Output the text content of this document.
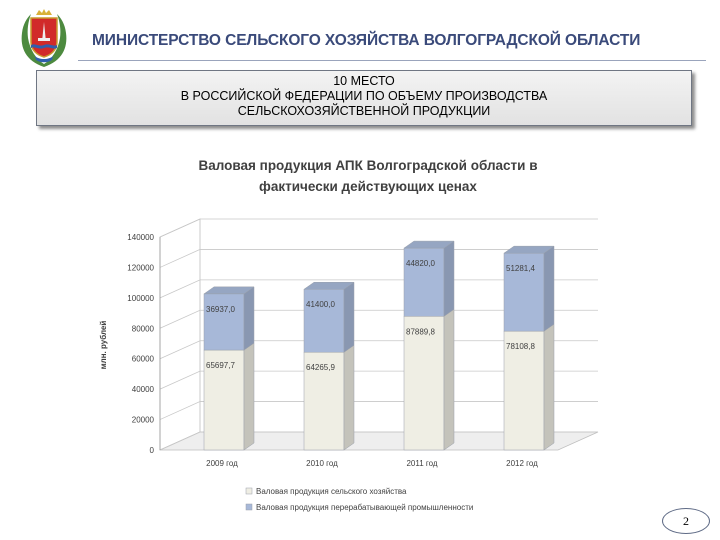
МИНИСТЕРСТВО СЕЛЬСКОГО ХОЗЯЙСТВА ВОЛГОГРАДСКОЙ ОБЛАСТИ
10 МЕСТО
В РОССИЙСКОЙ ФЕДЕРАЦИИ ПО ОБЪЕМУ ПРОИЗВОДСТВА
СЕЛЬСКОХОЗЯЙСТВЕННОЙ ПРОДУКЦИИ
Валовая продукция АПК Волгоградской области в
фактически действующих ценах
млн. рублей
0
20000
40000
60000
80000
100000
120000
140000
65697,7
36937,0
2009 год
64265,9
41400,0
2010 год
87889,8
44820,0
2011 год
78108,8
51281,4
2012 год
Валовая продукция сельского хозяйства
Валовая продукция перерабатывающей промышленности
2
